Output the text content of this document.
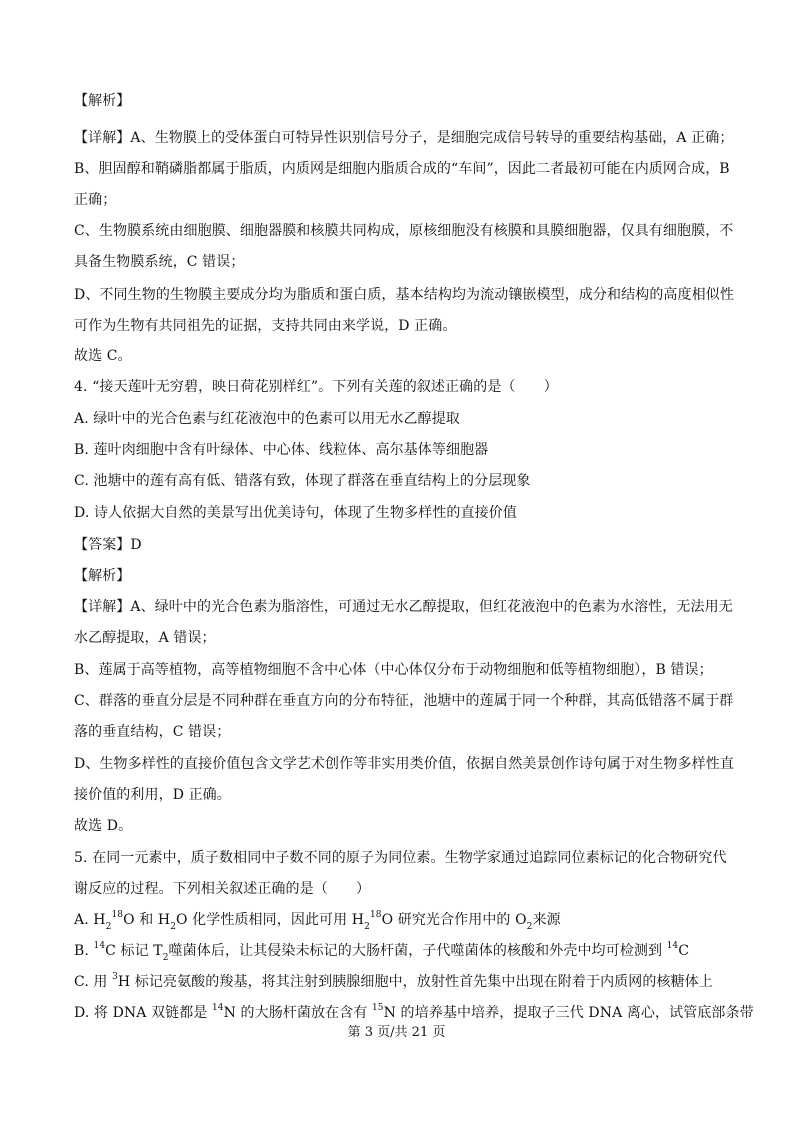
【解析】
【详解】A、生物膜上的受体蛋白可特异性识别信号分子，是细胞完成信号转导的重要结构基础，A 正确；
B、胆固醇和鞘磷脂都属于脂质，内质网是细胞内脂质合成的“车间”，因此二者最初可能在内质网合成，B
正确；
C、生物膜系统由细胞膜、细胞器膜和核膜共同构成，原核细胞没有核膜和具膜细胞器，仅具有细胞膜，不
具备生物膜系统，C 错误；
D、不同生物的生物膜主要成分均为脂质和蛋白质，基本结构均为流动镶嵌模型，成分和结构的高度相似性
可作为生物有共同祖先的证据，支持共同由来学说，D 正确。
故选 C。
4. “接天莲叶无穷碧，映日荷花别样红”。下列有关莲的叙述正确的是（　　）
A. 绿叶中的光合色素与红花液泡中的色素可以用无水乙醇提取
B. 莲叶肉细胞中含有叶绿体、中心体、线粒体、高尔基体等细胞器
C. 池塘中的莲有高有低、错落有致，体现了群落在垂直结构上的分层现象
D. 诗人依据大自然的美景写出优美诗句，体现了生物多样性的直接价值
【答案】D
【解析】
【详解】A、绿叶中的光合色素为脂溶性，可通过无水乙醇提取，但红花液泡中的色素为水溶性，无法用无
水乙醇提取，A 错误；
B、莲属于高等植物，高等植物细胞不含中心体（中心体仅分布于动物细胞和低等植物细胞），B 错误；
C、群落的垂直分层是不同种群在垂直方向的分布特征，池塘中的莲属于同一个种群，其高低错落不属于群
落的垂直结构，C 错误；
D、生物多样性的直接价值包含文学艺术创作等非实用类价值，依据自然美景创作诗句属于对生物多样性直
接价值的利用，D 正确。
故选 D。
5. 在同一元素中，质子数相同中子数不同的原子为同位素。生物学家通过追踪同位素标记的化合物研究代
谢反应的过程。下列相关叙述正确的是（　　）
A. $H_2^{18}O$ 和 $H_2O$ 化学性质相同，因此可用 $H_2^{18}O$ 研究光合作用中的 $O_2$来源
B. $^{14}$C 标记 $T_2$噬菌体后，让其侵染未标记的大肠杆菌，子代噬菌体的核酸和外壳中均可检测到 $^{14}$C
C. 用 $^3$H 标记亮氨酸的羧基，将其注射到胰腺细胞中，放射性首先集中出现在附着于内质网的核糖体上
D. 将 DNA 双链都是 $^{14}$N 的大肠杆菌放在含有 $^{15}$N 的培养基中培养，提取子三代 DNA 离心，试管底部条带
第 3 页/共 21 页
